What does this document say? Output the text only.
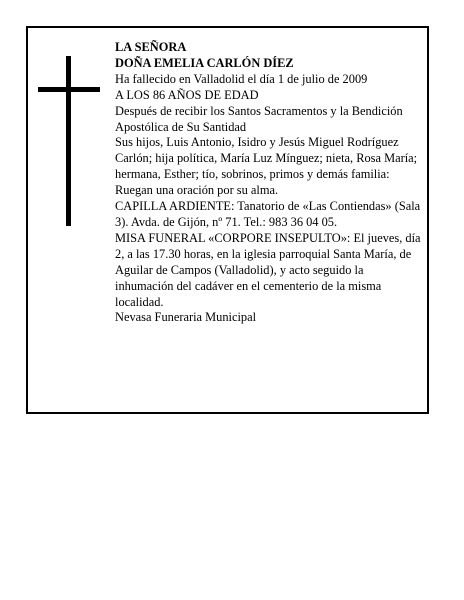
LA SEÑORA

DOÑA EMELIA CARLÓN DÍEZ

Ha fallecido en Valladolid el día 1 de julio de 2009

A LOS 86 AÑOS DE EDAD

Después de recibir los Santos Sacramentos y la Bendición Apostólica de Su Santidad

Sus hijos, Luis Antonio, Isidro y Jesús Miguel Rodríguez Carlón; hija política, María Luz Mínguez; nieta, Rosa María; hermana, Esther; tío, sobrinos, primos y demás familia:

Ruegan una oración por su alma.

CAPILLA ARDIENTE: Tanatorio de «Las Contiendas» (Sala 3). Avda. de Gijón, nº 71. Tel.: 983 36 04 05.

MISA FUNERAL «CORPORE INSEPULTO»: El jueves, día 2, a las 17.30 horas, en la iglesia parroquial Santa María, de Aguilar de Campos (Valladolid), y acto seguido la inhumación del cadáver en el cementerio de la misma localidad.

Nevasa Funeraria Municipal
